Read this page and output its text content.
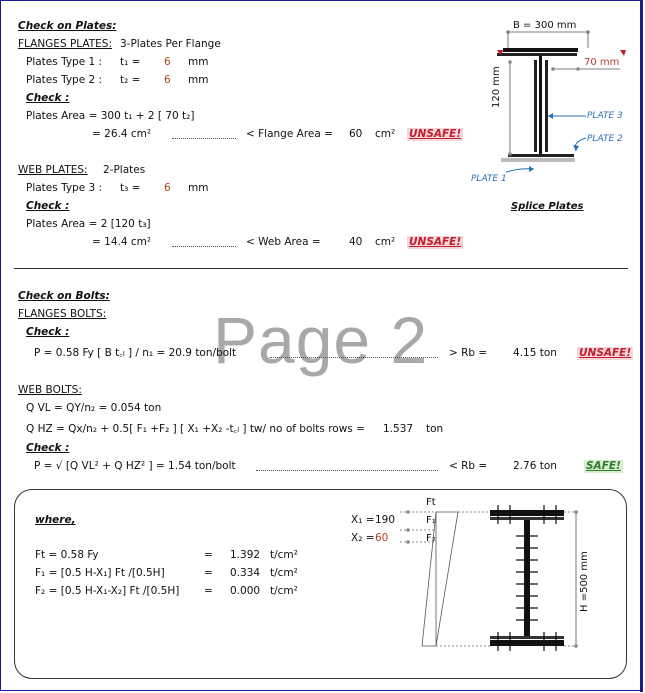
Check on Plates:
FLANGES PLATES: 3-Plates Per Flange
Plates Type 1 : t₁ = 6 mm
Plates Type 2 : t₂ = 6 mm
Check :
Plates Area = 300 t₁ + 2 [ 70 t₂]
= 26.4 cm²	< Flange Area = 60 cm² UNSAFE!
WEB PLATES: 2-Plates
Plates Type 3 : t₃ = 6 mm
Check :
Plates Area = 2 [120 t₃]
= 14.4 cm²	< Web Area =	40 cm² UNSAFE!
B = 300 mm
70 mm
120 mm
PLATE 3
PLATE 2
PLATE 1
Splice Plates
Page 2
Check on Bolts:
FLANGES BOLTS:
Check :
P = 0.58 Fy [ B t꜀ₗ ] / n₁ = 20.9 ton/bolt	> Rb = 4.15 ton UNSAFE!
WEB BOLTS:
Q VL = QY/n₂ = 0.054 ton
Q HZ = Qx/n₂ + 0.5[ F₁ +F₂ ] [ X₁ +X₂ -t꜀ₗ ] tw/ no of bolts rows = 1.537 ton
Check :
P = √ [Q VL² + Q HZ² ] = 1.54 ton/bolt	< Rb = 2.76 ton	SAFE!
where,
Ft = 0.58 Fy	= 1.392 t/cm²
F₁ = [0.5 H-X₁] Ft /[0.5H]	= 0.334 t/cm²
F₂ = [0.5 H-X₁-X₂] Ft /[0.5H] = 0.000 t/cm²
X₁ = 190
X₂ = 60
Ft
F₁
F₂
H =500 mm
